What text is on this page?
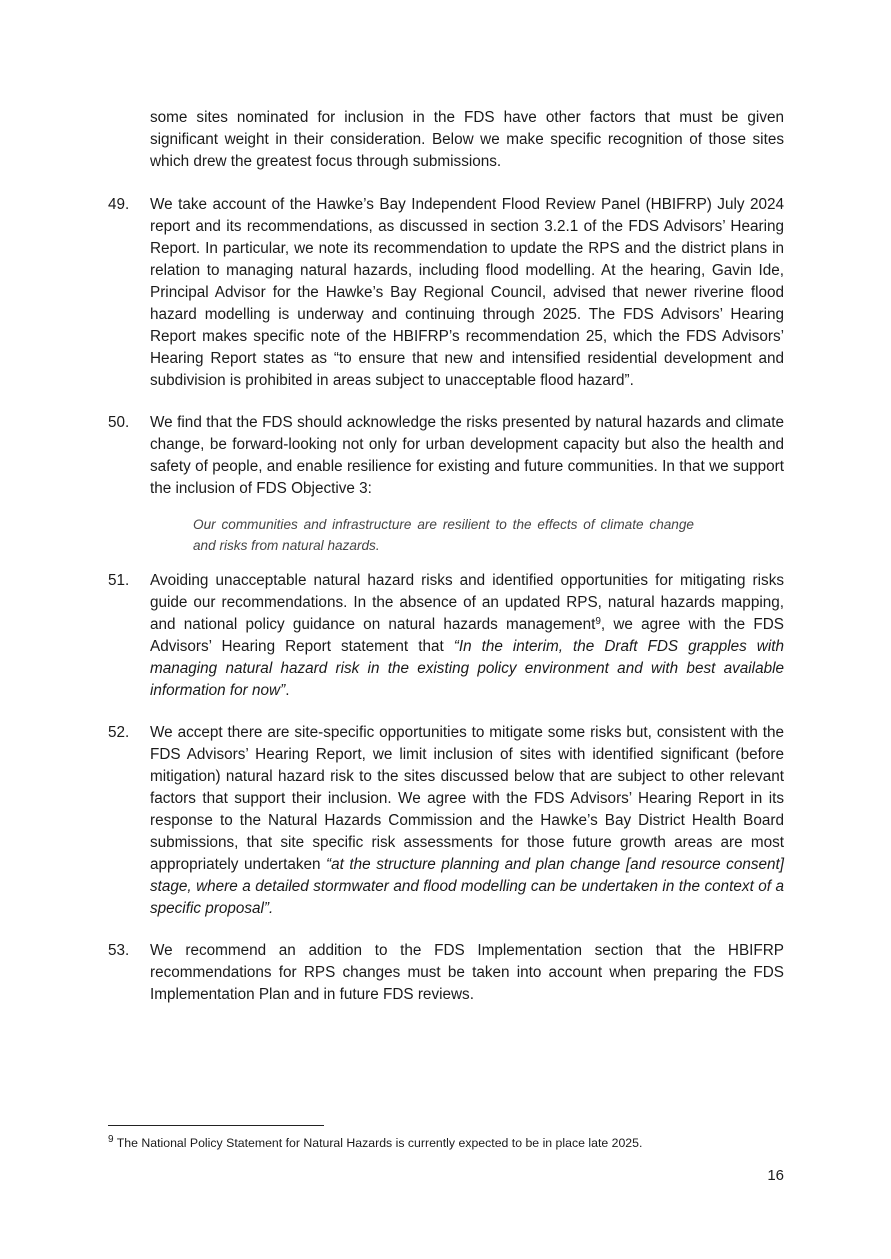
some sites nominated for inclusion in the FDS have other factors that must be given significant weight in their consideration. Below we make specific recognition of those sites which drew the greatest focus through submissions.

49. We take account of the Hawke’s Bay Independent Flood Review Panel (HBIFRP) July 2024 report and its recommendations, as discussed in section 3.2.1 of the FDS Advisors’ Hearing Report. In particular, we note its recommendation to update the RPS and the district plans in relation to managing natural hazards, including flood modelling. At the hearing, Gavin Ide, Principal Advisor for the Hawke’s Bay Regional Council, advised that newer riverine flood hazard modelling is underway and continuing through 2025. The FDS Advisors’ Hearing Report makes specific note of the HBIFRP’s recommendation 25, which the FDS Advisors’ Hearing Report states as “to ensure that new and intensified residential development and subdivision is prohibited in areas subject to unacceptable flood hazard”.

50. We find that the FDS should acknowledge the risks presented by natural hazards and climate change, be forward-looking not only for urban development capacity but also the health and safety of people, and enable resilience for existing and future communities. In that we support the inclusion of FDS Objective 3:

Our communities and infrastructure are resilient to the effects of climate change and risks from natural hazards.

51. Avoiding unacceptable natural hazard risks and identified opportunities for mitigating risks guide our recommendations. In the absence of an updated RPS, natural hazards mapping, and national policy guidance on natural hazards management$^9$, we agree with the FDS Advisors’ Hearing Report statement that “In the interim, the Draft FDS grapples with managing natural hazard risk in the existing policy environment and with best available information for now”.

52. We accept there are site-specific opportunities to mitigate some risks but, consistent with the FDS Advisors’ Hearing Report, we limit inclusion of sites with identified significant (before mitigation) natural hazard risk to the sites discussed below that are subject to other relevant factors that support their inclusion. We agree with the FDS Advisors’ Hearing Report in its response to the Natural Hazards Commission and the Hawke’s Bay District Health Board submissions, that site specific risk assessments for those future growth areas are most appropriately undertaken “at the structure planning and plan change [and resource consent] stage, where a detailed stormwater and flood modelling can be undertaken in the context of a specific proposal”.

53. We recommend an addition to the FDS Implementation section that the HBIFRP recommendations for RPS changes must be taken into account when preparing the FDS Implementation Plan and in future FDS reviews.

$^9$ The National Policy Statement for Natural Hazards is currently expected to be in place late 2025.
16
